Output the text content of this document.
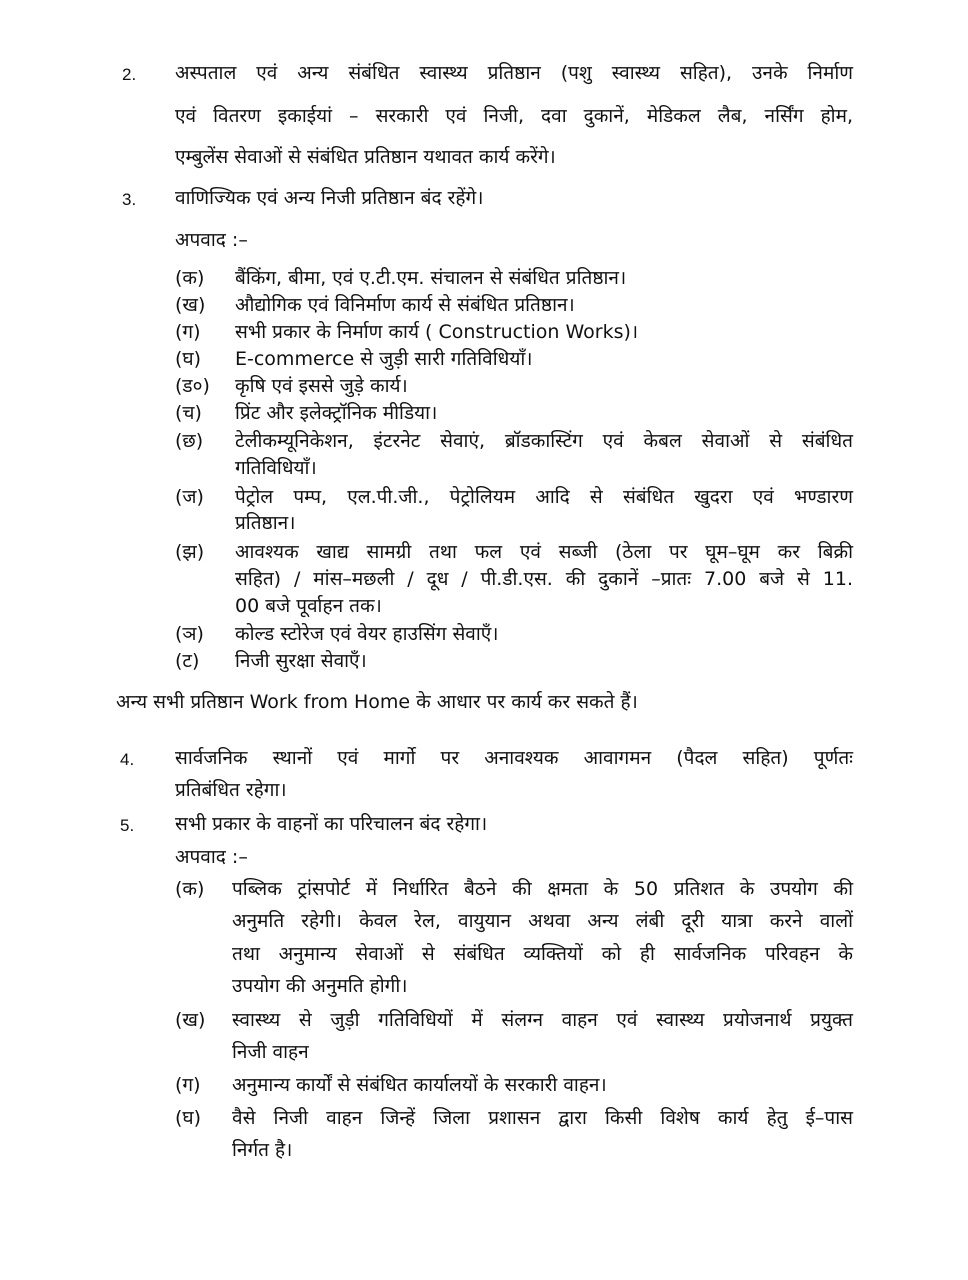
2. अस्पताल एवं अन्य संबंधित स्वास्थ्य प्रतिष्ठान (पशु स्वास्थ्य सहित), उनके निर्माण
एवं वितरण इकाईयां – सरकारी एवं निजी, दवा दुकानें, मेडिकल लैब, नर्सिंग होम,
एम्बुलेंस सेवाओं से संबंधित प्रतिष्ठान यथावत कार्य करेंगे।
3. वाणिज्यिक एवं अन्य निजी प्रतिष्ठान बंद रहेंगे।
अपवाद :–
(क) बैंकिंग, बीमा, एवं ए.टी.एम. संचालन से संबंधित प्रतिष्ठान।
(ख) औद्योगिक एवं विनिर्माण कार्य से संबंधित प्रतिष्ठान।
(ग) सभी प्रकार के निर्माण कार्य ( Construction Works)।
(घ) E-commerce से जुड़ी सारी गतिविधियाँ।
(ड०) कृषि एवं इससे जुड़े कार्य।
(च) प्रिंट और इलेक्ट्रॉनिक मीडिया।
(छ) टेलीकम्यूनिकेशन, इंटरनेट सेवाएं, ब्रॉडकास्टिंग एवं केबल सेवाओं से संबंधित
गतिविधियाँ।
(ज) पेट्रोल पम्प, एल.पी.जी., पेट्रोलियम आदि से संबंधित खुदरा एवं भण्डारण
प्रतिष्ठान।
(झ) आवश्यक खाद्य सामग्री तथा फल एवं सब्जी (ठेला पर घूम–घूम कर बिक्री
सहित) / मांस–मछली / दूध / पी.डी.एस. की दुकानें –प्रातः 7.00 बजे से 11.
00 बजे पूर्वाहन तक।
(ञ) कोल्ड स्टोरेज एवं वेयर हाउसिंग सेवाएँ।
(ट) निजी सुरक्षा सेवाएँ।
अन्य सभी प्रतिष्ठान Work from Home के आधार पर कार्य कर सकते हैं।
4. सार्वजनिक स्थानों एवं मार्गो पर अनावश्यक आवागमन (पैदल सहित) पूर्णतः
प्रतिबंधित रहेगा।
5. सभी प्रकार के वाहनों का परिचालन बंद रहेगा।
अपवाद :–
(क) पब्लिक ट्रांसपोर्ट में निर्धारित बैठने की क्षमता के 50 प्रतिशत के उपयोग की
अनुमति रहेगी। केवल रेल, वायुयान अथवा अन्य लंबी दूरी यात्रा करने वालों
तथा अनुमान्य सेवाओं से संबंधित व्यक्तियों को ही सार्वजनिक परिवहन के
उपयोग की अनुमति होगी।
(ख) स्वास्थ्य से जुड़ी गतिविधियों में संलग्न वाहन एवं स्वास्थ्य प्रयोजनार्थ प्रयुक्त
निजी वाहन
(ग) अनुमान्य कार्यों से संबंधित कार्यालयों के सरकारी वाहन।
(घ) वैसे निजी वाहन जिन्हें जिला प्रशासन द्वारा किसी विशेष कार्य हेतु ई–पास
निर्गत है।
